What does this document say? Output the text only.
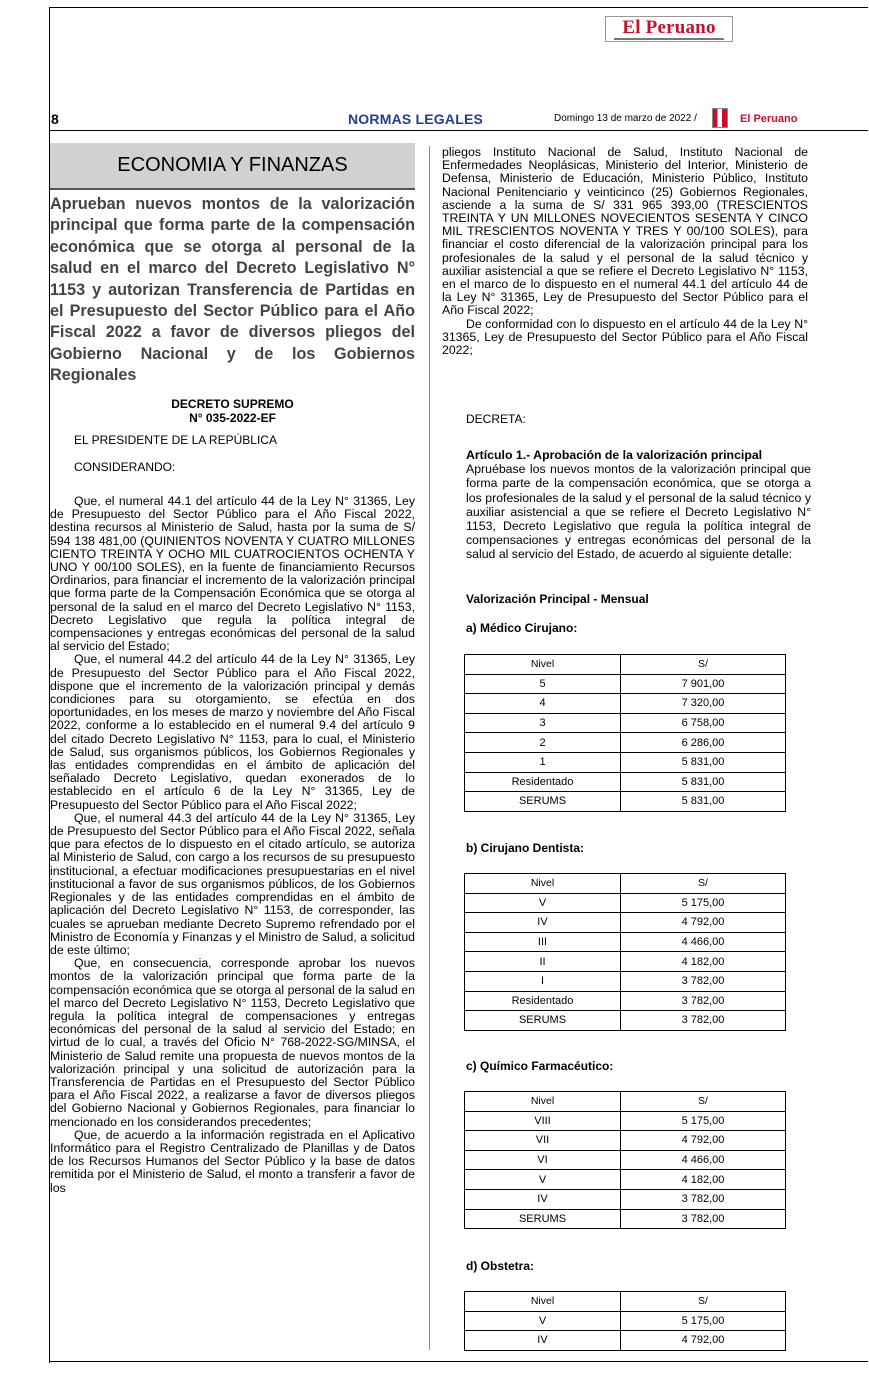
El Peruano
8	NORMAS LEGALES	Domingo 13 de marzo de 2022 /	El Peruano
ECONOMIA Y FINANZAS
Aprueban nuevos montos de la valorización principal que forma parte de la compensación económica que se otorga al personal de la salud en el marco del Decreto Legislativo N° 1153 y autorizan Transferencia de Partidas en el Presupuesto del Sector Público para el Año Fiscal 2022 a favor de diversos pliegos del Gobierno Nacional y de los Gobiernos Regionales
DECRETO SUPREMO
N° 035-2022-EF
EL PRESIDENTE DE LA REPÚBLICA
CONSIDERANDO:

Que, el numeral 44.1 del artículo 44 de la Ley N° 31365, Ley de Presupuesto del Sector Público para el Año Fiscal 2022, destina recursos al Ministerio de Salud, hasta por la suma de S/ 594 138 481,00 (QUINIENTOS NOVENTA Y CUATRO MILLONES CIENTO TREINTA Y OCHO MIL CUATROCIENTOS OCHENTA Y UNO Y 00/100 SOLES), en la fuente de financiamiento Recursos Ordinarios, para financiar el incremento de la valorización principal que forma parte de la Compensación Económica que se otorga al personal de la salud en el marco del Decreto Legislativo N° 1153, Decreto Legislativo que regula la política integral de compensaciones y entregas económicas del personal de la salud al servicio del Estado;

Que, el numeral 44.2 del artículo 44 de la Ley N° 31365, Ley de Presupuesto del Sector Público para el Año Fiscal 2022, dispone que el incremento de la valorización principal y demás condiciones para su otorgamiento, se efectúa en dos oportunidades, en los meses de marzo y noviembre del Año Fiscal 2022, conforme a lo establecido en el numeral 9.4 del artículo 9 del citado Decreto Legislativo N° 1153, para lo cual, el Ministerio de Salud, sus organismos públicos, los Gobiernos Regionales y las entidades comprendidas en el ámbito de aplicación del señalado Decreto Legislativo, quedan exonerados de lo establecido en el artículo 6 de la Ley N° 31365, Ley de Presupuesto del Sector Público para el Año Fiscal 2022;

Que, el numeral 44.3 del artículo 44 de la Ley N° 31365, Ley de Presupuesto del Sector Público para el Año Fiscal 2022, señala que para efectos de lo dispuesto en el citado artículo, se autoriza al Ministerio de Salud, con cargo a los recursos de su presupuesto institucional, a efectuar modificaciones presupuestarias en el nivel institucional a favor de sus organismos públicos, de los Gobiernos Regionales y de las entidades comprendidas en el ámbito de aplicación del Decreto Legislativo N° 1153, de corresponder, las cuales se aprueban mediante Decreto Supremo refrendado por el Ministro de Economía y Finanzas y el Ministro de Salud, a solicitud de este último;

Que, en consecuencia, corresponde aprobar los nuevos montos de la valorización principal que forma parte de la compensación económica que se otorga al personal de la salud en el marco del Decreto Legislativo N° 1153, Decreto Legislativo que regula la política integral de compensaciones y entregas económicas del personal de la salud al servicio del Estado; en virtud de lo cual, a través del Oficio N° 768-2022-SG/MINSA, el Ministerio de Salud remite una propuesta de nuevos montos de la valorización principal y una solicitud de autorización para la Transferencia de Partidas en el Presupuesto del Sector Público para el Año Fiscal 2022, a realizarse a favor de diversos pliegos del Gobierno Nacional y Gobiernos Regionales, para financiar lo mencionado en los considerandos precedentes;

Que, de acuerdo a la información registrada en el Aplicativo Informático para el Registro Centralizado de Planillas y de Datos de los Recursos Humanos del Sector Público y la base de datos remitida por el Ministerio de Salud, el monto a transferir a favor de los

pliegos Instituto Nacional de Salud, Instituto Nacional de Enfermedades Neoplásicas, Ministerio del Interior, Ministerio de Defensa, Ministerio de Educación, Ministerio Público, Instituto Nacional Penitenciario y veinticinco (25) Gobiernos Regionales, asciende a la suma de S/ 331 965 393,00 (TRESCIENTOS TREINTA Y UN MILLONES NOVECIENTOS SESENTA Y CINCO MIL TRESCIENTOS NOVENTA Y TRES Y 00/100 SOLES), para financiar el costo diferencial de la valorización principal para los profesionales de la salud y el personal de la salud técnico y auxiliar asistencial a que se refiere el Decreto Legislativo N° 1153, en el marco de lo dispuesto en el numeral 44.1 del artículo 44 de la Ley N° 31365, Ley de Presupuesto del Sector Público para el Año Fiscal 2022;

De conformidad con lo dispuesto en el artículo 44 de la Ley N° 31365, Ley de Presupuesto del Sector Público para el Año Fiscal 2022;

DECRETA:
Artículo 1.- Aprobación de la valorización principal
Apruébase los nuevos montos de la valorización principal que forma parte de la compensación económica, que se otorga a los profesionales de la salud y el personal de la salud técnico y auxiliar asistencial a que se refiere el Decreto Legislativo N° 1153, Decreto Legislativo que regula la política integral de compensaciones y entregas económicas del personal de la salud al servicio del Estado, de acuerdo al siguiente detalle:
Valorización Principal - Mensual
a) Médico Cirujano:
Nivel	S/
5	7 901,00
4	7 320,00
3	6 758,00
2	6 286,00
1	5 831,00
Residentado	5 831,00
SERUMS	5 831,00
b) Cirujano Dentista:
Nivel	S/
V	5 175,00
IV	4 792,00
III	4 466,00
II	4 182,00
I	3 782,00
Residentado	3 782,00
SERUMS	3 782,00
c) Químico Farmacéutico:
Nivel	S/
VIII	5 175,00
VII	4 792,00
VI	4 466,00
V	4 182,00
IV	3 782,00
SERUMS	3 782,00
d) Obstetra:
Nivel	S/
V	5 175,00
IV	4 792,00
